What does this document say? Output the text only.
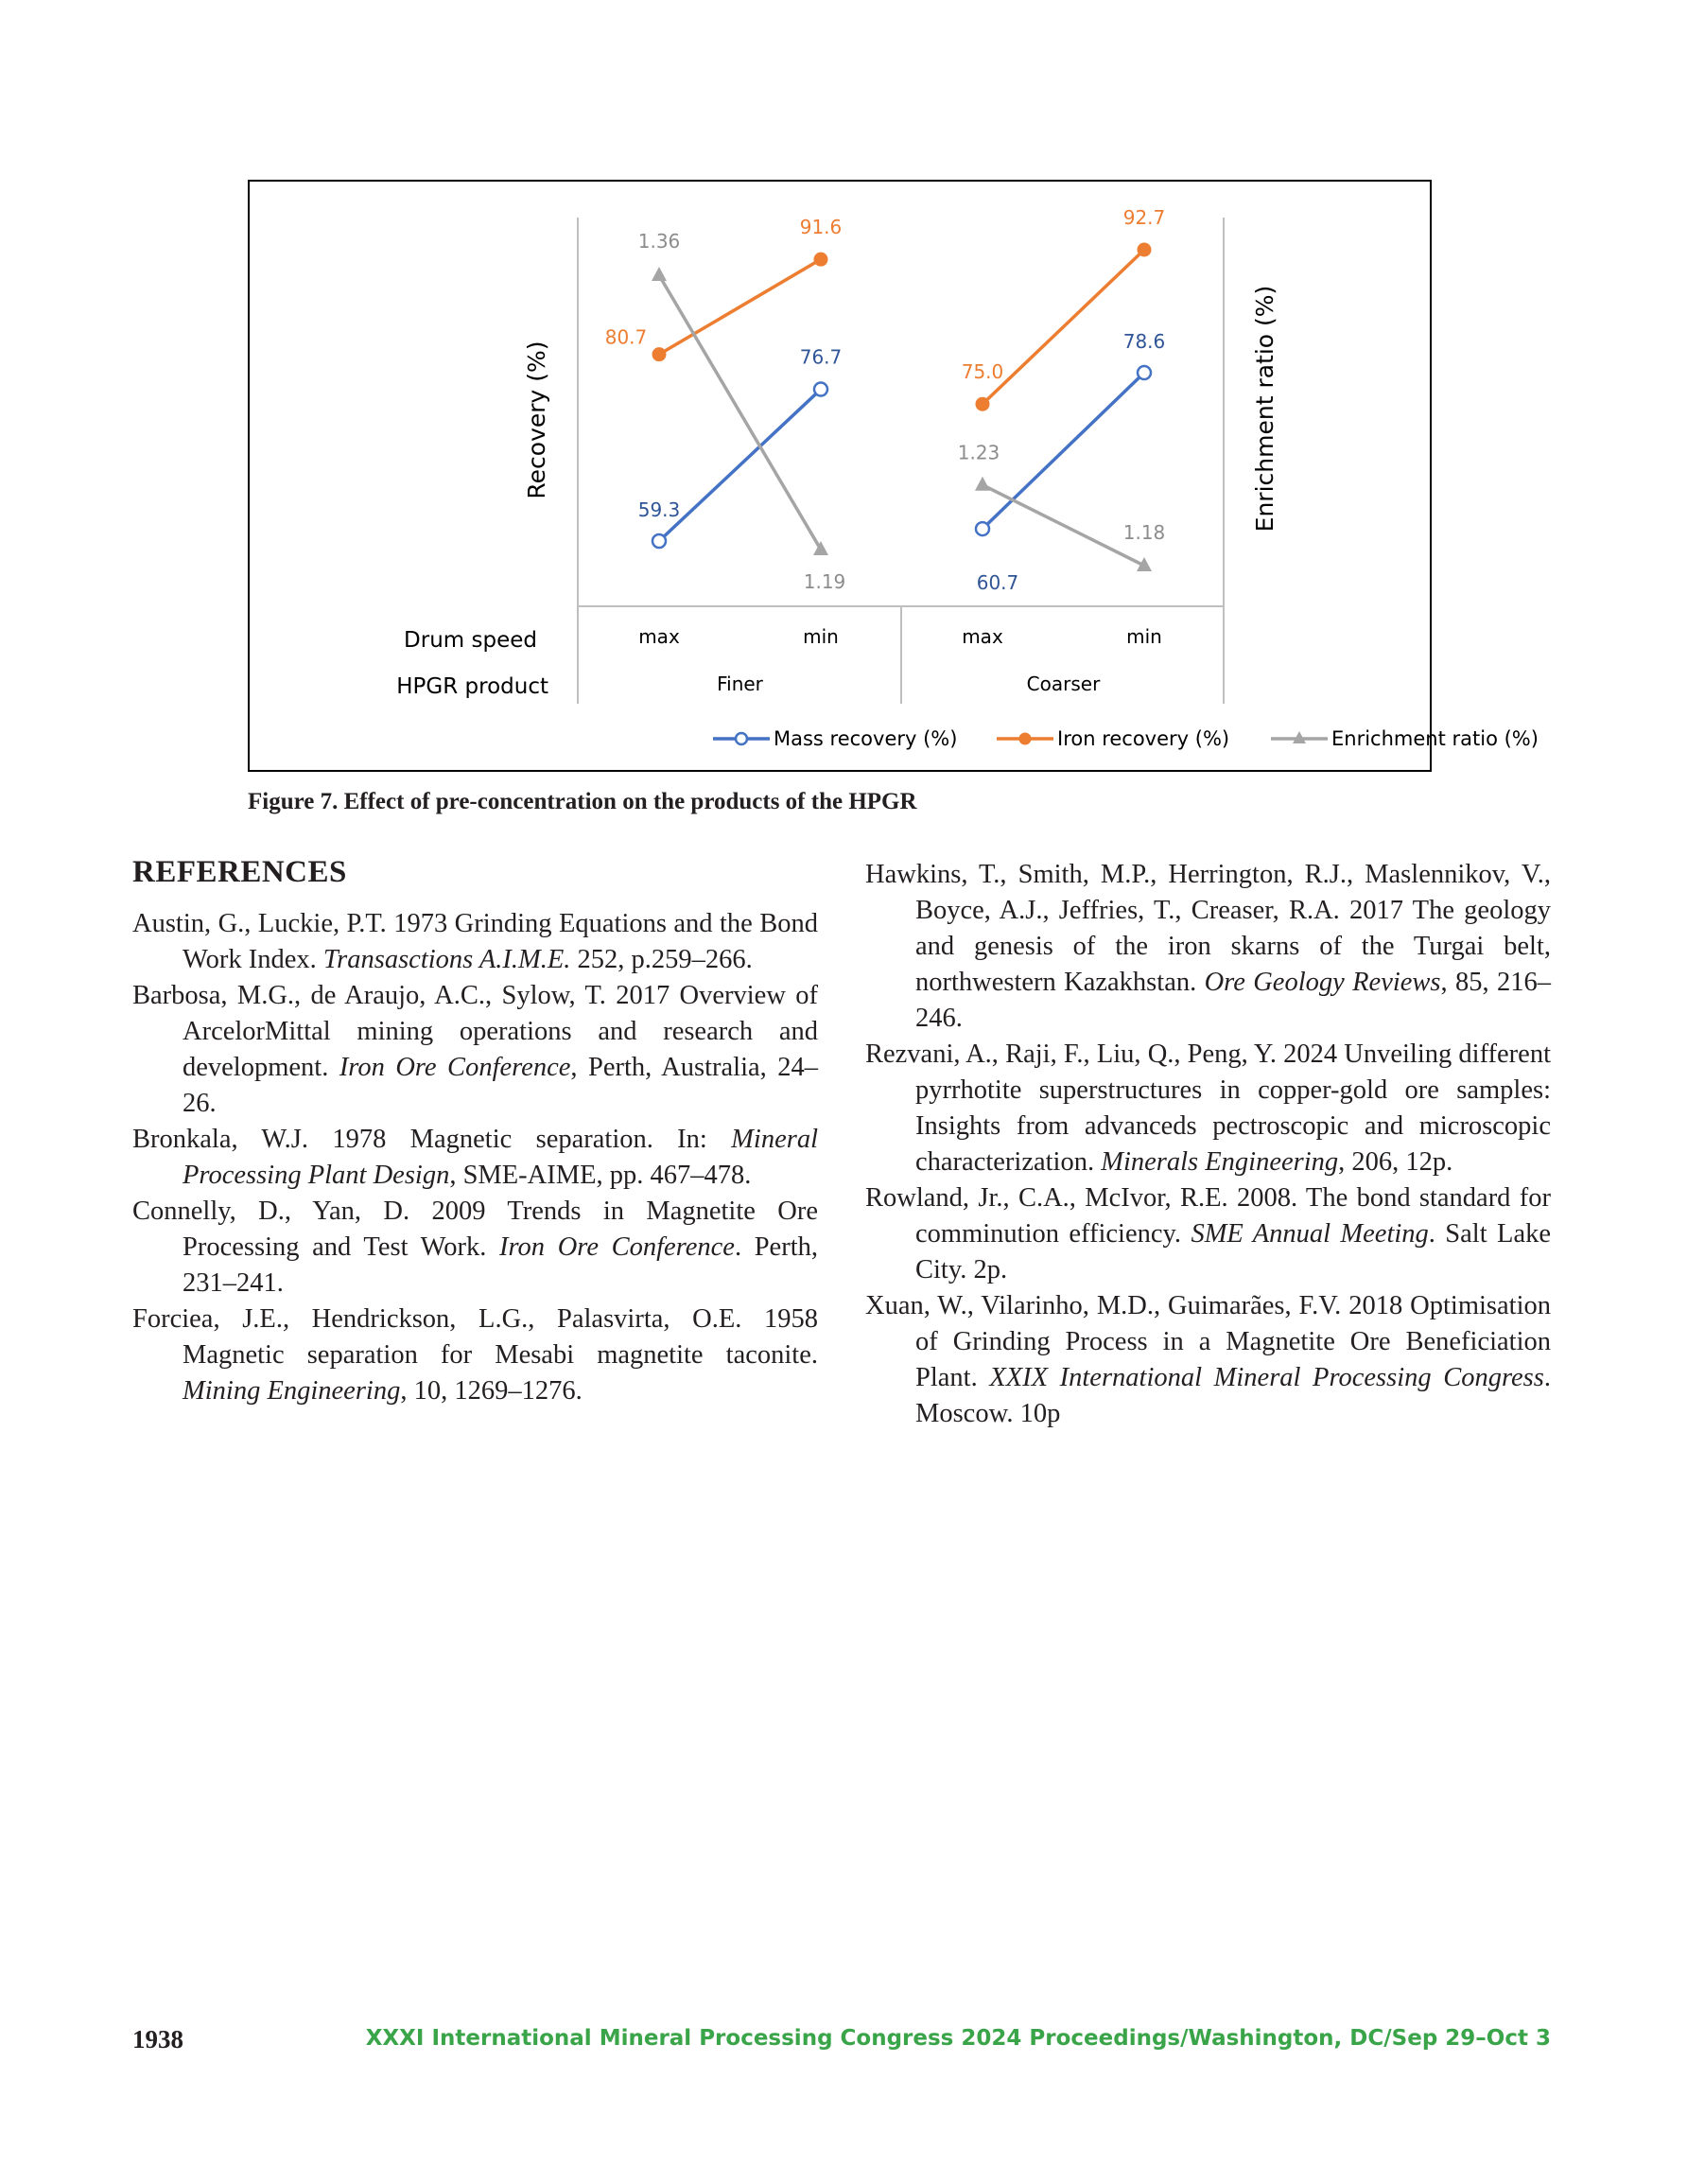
Recovery (%)	Enrichment ratio (%)
Drum speed
HPGR product
max	min	max	min
Finer	Coarser
59.3
76.7
60.7
78.6
80.7
91.6
75.0
92.7
1.36
1.19
1.23
1.18
Mass recovery (%)	Iron recovery (%)	Enrichment ratio (%)

Figure 7. Effect of pre-concentration on the products of the HPGR

REFERENCES

Austin, G., Luckie, P.T. 1973 Grinding Equations and the Bond Work Index. Transasctions A.I.M.E. 252, p.259–266.

Barbosa, M.G., de Araujo, A.C., Sylow, T. 2017 Overview of ArcelorMittal mining operations and research and development. Iron Ore Conference, Perth, Australia, 24–26.

Bronkala, W.J. 1978 Magnetic separation. In: Mineral Processing Plant Design, SME-AIME, pp. 467–478.

Connelly, D., Yan, D. 2009 Trends in Magnetite Ore Processing and Test Work. Iron Ore Conference. Perth, 231–241.

Forciea, J.E., Hendrickson, L.G., Palasvirta, O.E. 1958 Magnetic separation for Mesabi magnetite taconite. Mining Engineering, 10, 1269–1276.

Hawkins, T., Smith, M.P., Herrington, R.J., Maslennikov, V., Boyce, A.J., Jeffries, T., Creaser, R.A. 2017 The geology and genesis of the iron skarns of the Turgai belt, northwestern Kazakhstan. Ore Geology Reviews, 85, 216–246.

Rezvani, A., Raji, F., Liu, Q., Peng, Y. 2024 Unveiling different pyrrhotite superstructures in copper-gold ore samples: Insights from advanceds pectroscopic and microscopic characterization. Minerals Engineering, 206, 12p.

Rowland, Jr., C.A., McIvor, R.E. 2008. The bond standard for comminution efficiency. SME Annual Meeting. Salt Lake City. 2p.

Xuan, W., Vilarinho, M.D., Guimarães, F.V. 2018 Optimisation of Grinding Process in a Magnetite Ore Beneficiation Plant. XXIX International Mineral Processing Congress. Moscow. 10p

1938	XXXI International Mineral Processing Congress 2024 Proceedings/Washington, DC/Sep 29–Oct 3
